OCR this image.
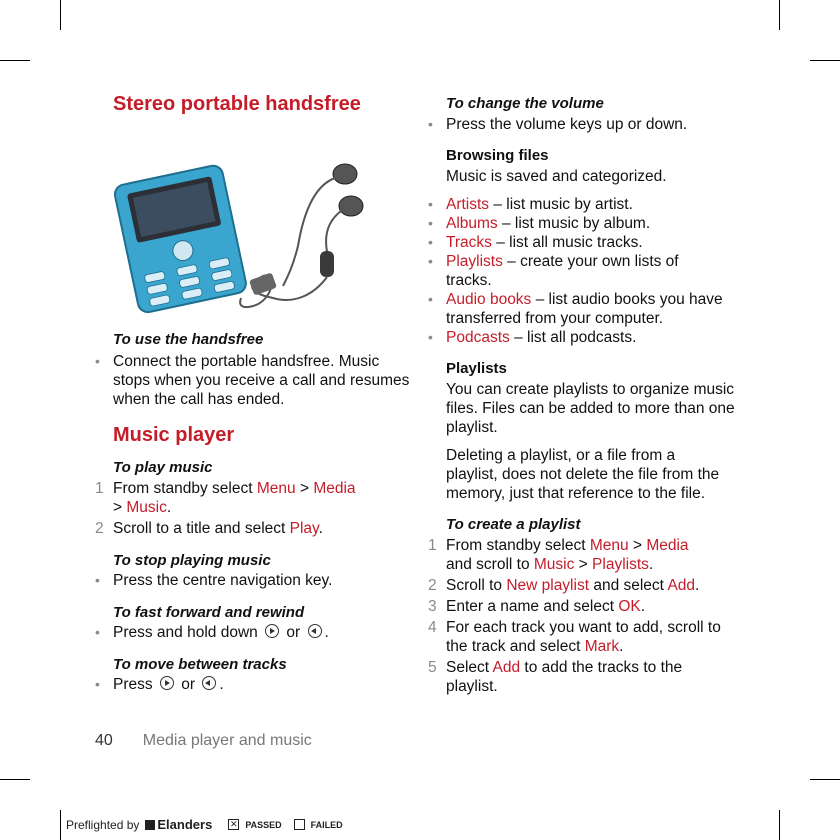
Stereo portable handsfree
To use the handsfree
• Connect the portable handsfree. Music stops when you receive a call and resumes when the call has ended.
Music player
To play music
1 From standby select Menu > Media
> Music.
2 Scroll to a title and select Play.
To stop playing music
• Press the centre navigation key.
To fast forward and rewind
• Press and hold down or .
To move between tracks
• Press or .
To change the volume
• Press the volume keys up or down.
Browsing files

Music is saved and categorized.

• Artists – list music by artist.
• Albums – list music by album.
• Tracks – list all music tracks.
• Playlists – create your own lists of tracks.
• Audio books – list audio books you have transferred from your computer.
• Podcasts – list all podcasts.
Playlists

You can create playlists to organize music files. Files can be added to more than one playlist.

Deleting a playlist, or a file from a playlist, does not delete the file from the memory, just that reference to the file.

To create a playlist
1 From standby select Menu > Media
and scroll to Music > Playlists.
2 Scroll to New playlist and select Add.
3 Enter a name and select OK.
4 For each track you want to add, scroll to the track and select Mark.
5 Select Add to add the tracks to the playlist.
40 Media player and music
Preflighted by	Elanders ✕ PASSED	FAILED
